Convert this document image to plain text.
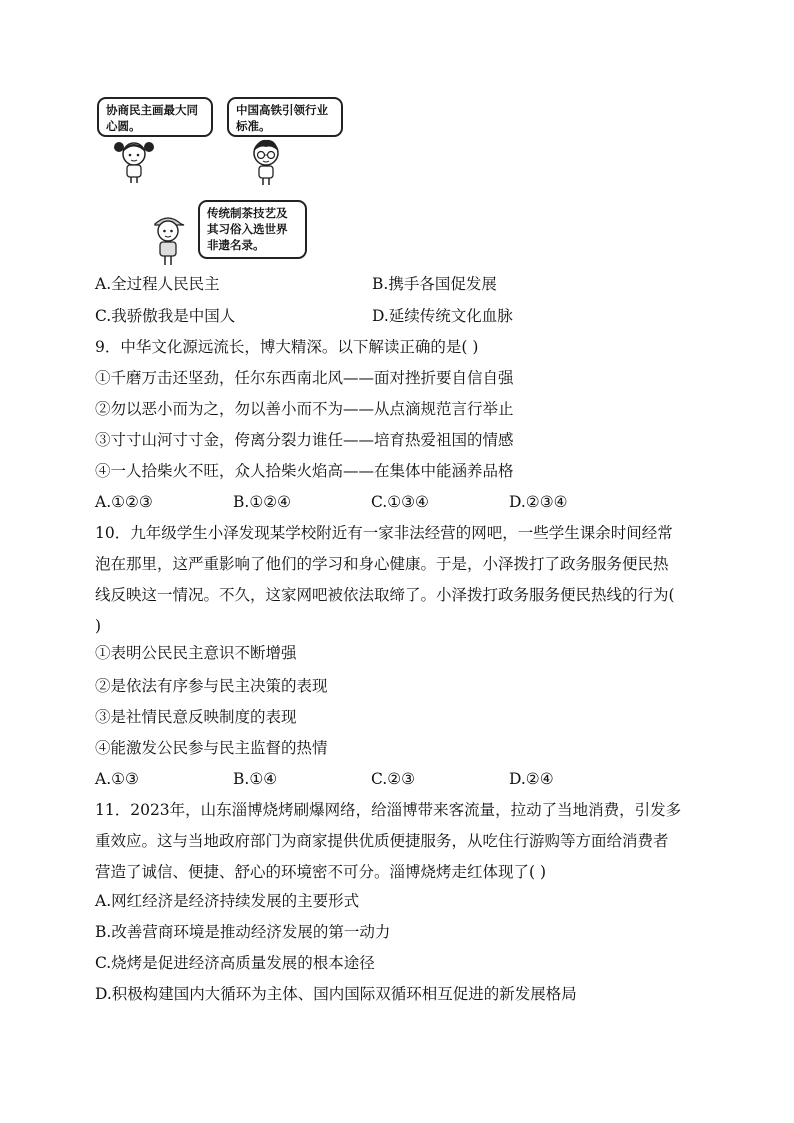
协商民主画最大同心圆。
中国高铁引领行业标准。
传统制茶技艺及其习俗入选世界非遗名录。
A.全过程人民民主	B.携手各国促发展
C.我骄傲我是中国人	D.延续传统文化血脉
9．中华文化源远流长，博大精深。以下解读正确的是( )
①千磨万击还坚劲，任尔东西南北风——面对挫折要自信自强
②勿以恶小而为之，勿以善小而不为——从点滴规范言行举止
③寸寸山河寸寸金，侉离分裂力谁任——培育热爱祖国的情感
④一人拾柴火不旺，众人拾柴火焰高——在集体中能涵养品格
A.①②③	B.①②④	C.①③④	D.②③④
10．九年级学生小泽发现某学校附近有一家非法经营的网吧，一些学生课余时间经常
泡在那里，这严重影响了他们的学习和身心健康。于是，小泽拨打了政务服务便民热
线反映这一情况。不久，这家网吧被依法取缔了。小泽拨打政务服务便民热线的行为(
)
①表明公民民主意识不断增强
②是依法有序参与民主决策的表现
③是社情民意反映制度的表现
④能激发公民参与民主监督的热情
A.①③	B.①④	C.②③	D.②④
11．2023年，山东淄博烧烤刷爆网络，给淄博带来客流量，拉动了当地消费，引发多
重效应。这与当地政府部门为商家提供优质便捷服务，从吃住行游购等方面给消费者
营造了诚信、便捷、舒心的环境密不可分。淄博烧烤走红体现了( )
A.网红经济是经济持续发展的主要形式
B.改善营商环境是推动经济发展的第一动力
C.烧烤是促进经济高质量发展的根本途径
D.积极构建国内大循环为主体、国内国际双循环相互促进的新发展格局
